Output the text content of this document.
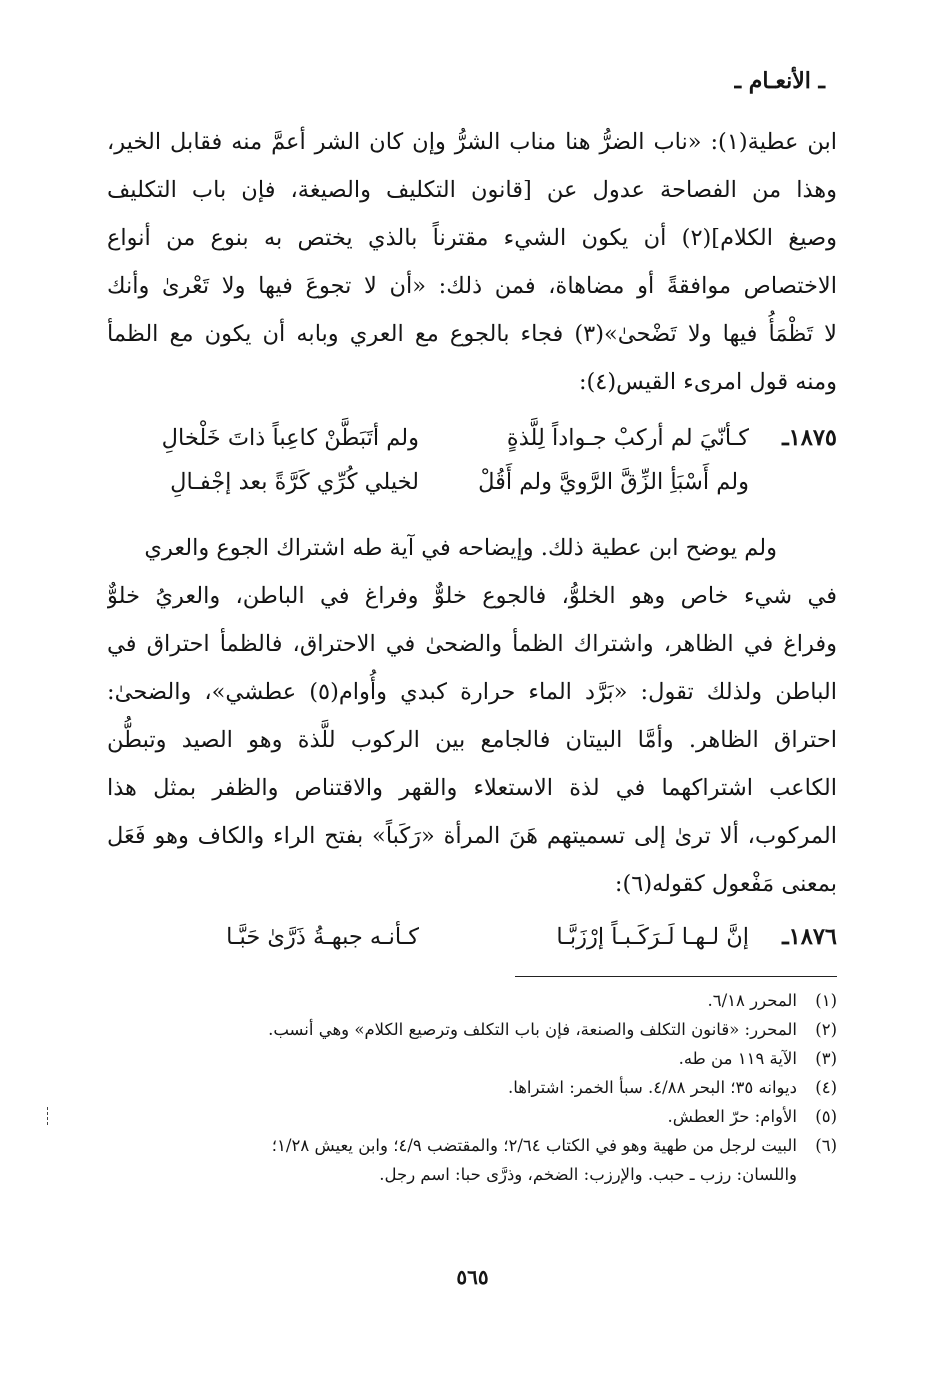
ـ الأنعـام ـ
ابن عطية(١): «ناب الضرُّ هنا مناب الشرُّ وإن كان الشر أعمَّ منه فقابل الخير،
وهذا من الفصاحة عدول عن [قانون التكليف والصيغة، فإن باب التكليف
وصيغ الكلام](٢) أن يكون الشيء مقترناً بالذي يختص به بنوع من أنواع
الاختصاص موافقةً أو مضاهاة، فمن ذلك: «أن لا تجوعَ فيها ولا تَعْرىٰ وأنك
لا تَظْمَأُ فيها ولا تَضْحىٰ»(٣) فجاء بالجوع مع العري وبابه أن يكون مع الظمأ
ومنه قول امرىء القيس(٤):
١٨٧٥ـ
كـأنّيَ لم أركبْ جـواداً لِلَّذةٍ
ولم أتَبَطَّنْ كاعِباً ذاتَ خَلْخالِ
ولم أَسْبَأِ الزِّقَّ الرَّويَّ ولم أَقُلْ
لخيلي كُرِّي كَرَّةً بعد إجْفـالِ
ولم يوضح ابن عطية ذلك. وإيضاحه في آية طه اشتراك الجوع والعري
في شيء خاص وهو الخلوُّ، فالجوع خلوٌّ وفراغ في الباطن، والعريُ خلوٌّ
وفراغ في الظاهر، واشتراك الظمأ والضحىٰ في الاحتراق، فالظمأ احتراق في
الباطن ولذلك تقول: «بَرَّد الماء حرارة كبدي وأُوام(٥) عطشي»، والضحىٰ:
احتراق الظاهر. وأمَّا البيتان فالجامع بين الركوب للَّذة وهو الصيد وتبطُّن
الكاعب اشتراكهما في لذة الاستعلاء والقهر والاقتناص والظفر بمثل هذا
المركوب، ألا ترىٰ إلى تسميتهم هَنَ المرأة «رَكَباً» بفتح الراء والكاف وهو فَعَل
بمعنى مَفْعول كقوله(٦):
١٨٧٦ـ
إنَّ لـهـا لَـرَكَـبـاً إرْزَبَّـا
كـأنـه جبهـةُ ذَرَّىٰ حَبَّـا
(١)المحرر ٦/١٨.
(٢)المحرر: «قانون التكلف والصنعة، فإن باب التكلف وترصيع الكلام» وهي أنسب.
(٣)الآية ١١٩ من طه.
(٤)ديوانه ٣٥؛ البحر ٤/٨٨. سبأ الخمر: اشتراها.
(٥)الأوام: حرّ العطش.
(٦)البيت لرجل من طهية وهو في الكتاب ٢/٦٤؛ والمقتضب ٤/٩؛ وابن يعيش ١/٢٨؛
واللسان: رزب ـ حبب. والإرزب: الضخم، وذرَّى حبا: اسم رجل.
٥٦٥
